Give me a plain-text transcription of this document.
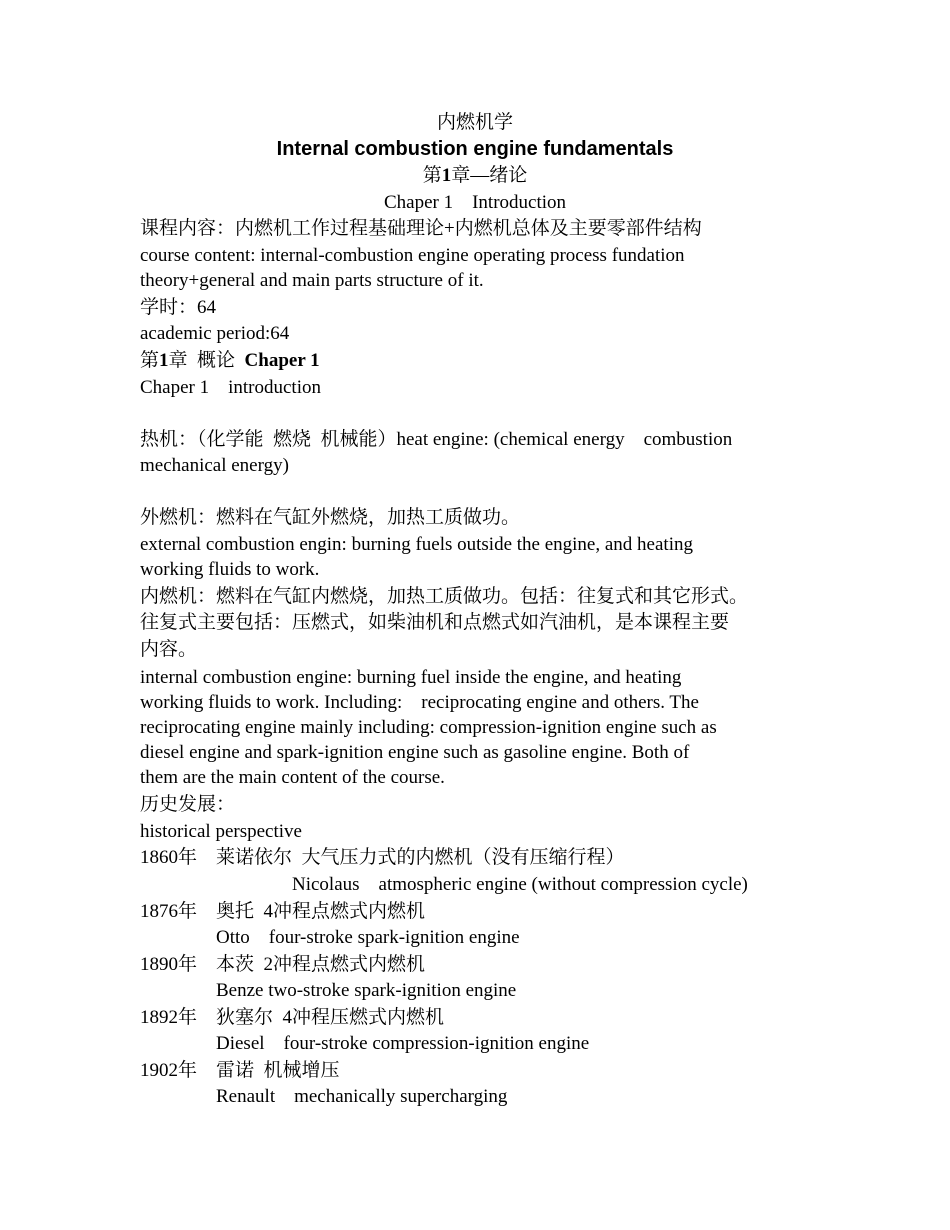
内燃机学
Internal combustion engine fundamentals
第1章—绪论
Chaper 1    Introduction
课程内容：内燃机工作过程基础理论+内燃机总体及主要零部件结构
course content: internal-combustion engine operating process fundation
theory+general and main parts structure of it.
学时：64
academic period:64
第1章  概论  Chaper 1
Chaper 1    introduction
热机：（化学能  燃烧  机械能）heat engine: (chemical energy    combustion
mechanical energy)
外燃机：燃料在气缸外燃烧，加热工质做功。
external combustion engin: burning fuels outside the engine, and heating
working fluids to work.
内燃机：燃料在气缸内燃烧，加热工质做功。包括：往复式和其它形式。
往复式主要包括：压燃式，如柴油机和点燃式如汽油机，是本课程主要
内容。
internal combustion engine: burning fuel inside the engine, and heating
working fluids to work. Including:    reciprocating engine and others. The
reciprocating engine mainly including: compression-ignition engine such as
diesel engine and spark-ignition engine such as gasoline engine. Both of
them are the main content of the course.
历史发展：
historical perspective
1860年 莱诺依尔  大气压力式的内燃机（没有压缩行程）
Nicolaus    atmospheric engine (without compression cycle)
1876年 奥托  4冲程点燃式内燃机
Otto    four-stroke spark-ignition engine
1890年 本茨  2冲程点燃式内燃机
Benze two-stroke spark-ignition engine
1892年 狄塞尔  4冲程压燃式内燃机
Diesel    four-stroke compression-ignition engine
1902年 雷诺  机械增压
Renault    mechanically supercharging
